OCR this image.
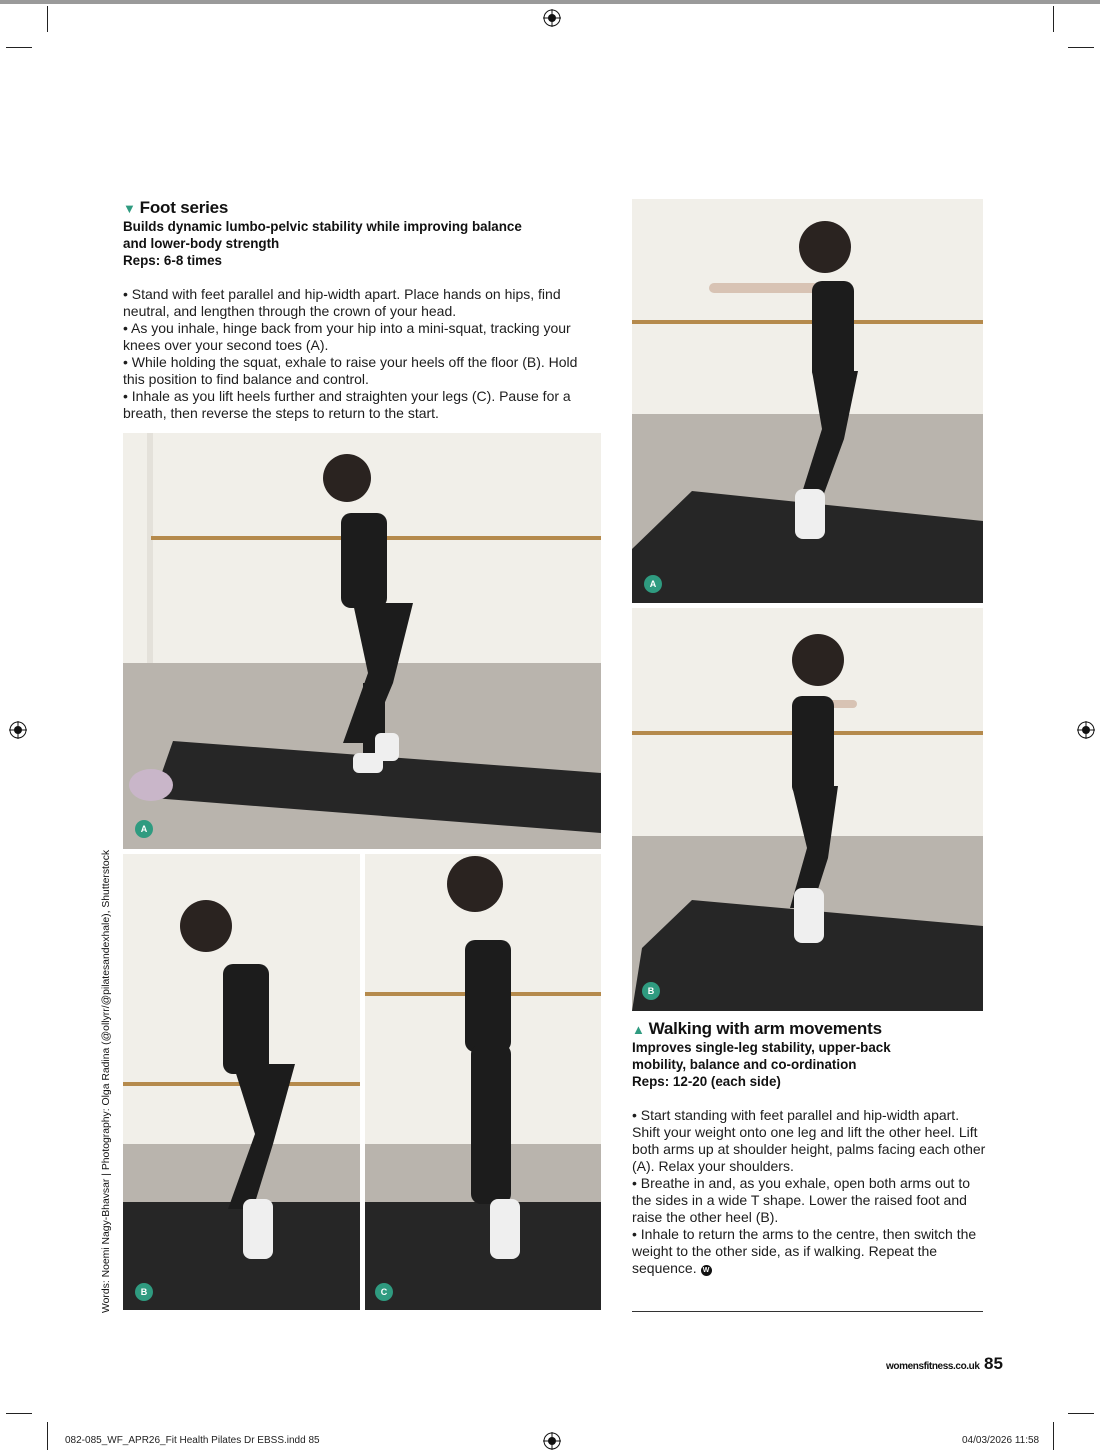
▼ Foot series
Builds dynamic lumbo-pelvic stability while improving balance
and lower-body strength
Reps: 6-8 times

• Stand with feet parallel and hip-width apart. Place hands on hips, find neutral, and lengthen through the crown of your head.

• As you inhale, hinge back from your hip into a mini-squat, tracking your knees over your second toes (A).

• While holding the squat, exhale to raise your heels off the floor (B). Hold this position to find balance and control.

• Inhale as you lift heels further and straighten your legs (C). Pause for a breath, then reverse the steps to return to the start.

A
B	C
A
B
▲ Walking with arm movements
Improves single-leg stability, upper-back
mobility, balance and co-ordination
Reps: 12-20 (each side)

• Start standing with feet parallel and hip-width apart. Shift your weight onto one leg and lift the other heel. Lift both arms up at shoulder height, palms facing each other (A). Relax your shoulders.

• Breathe in and, as you exhale, open both arms out to the sides in a wide T shape. Lower the raised foot and raise the other heel (B).

• Inhale to return the arms to the centre, then switch the weight to the other side, as if walking. Repeat the sequence. W

Words: Noemi Nagy-Bhavsar | Photography: Olga Radina (@ollyrr/@pilatesandexhale), Shutterstock
womensfitness.co.uk 85
082-085_WF_APR26_Fit Health Pilates Dr EBSS.indd 85	04/03/2026 11:58
